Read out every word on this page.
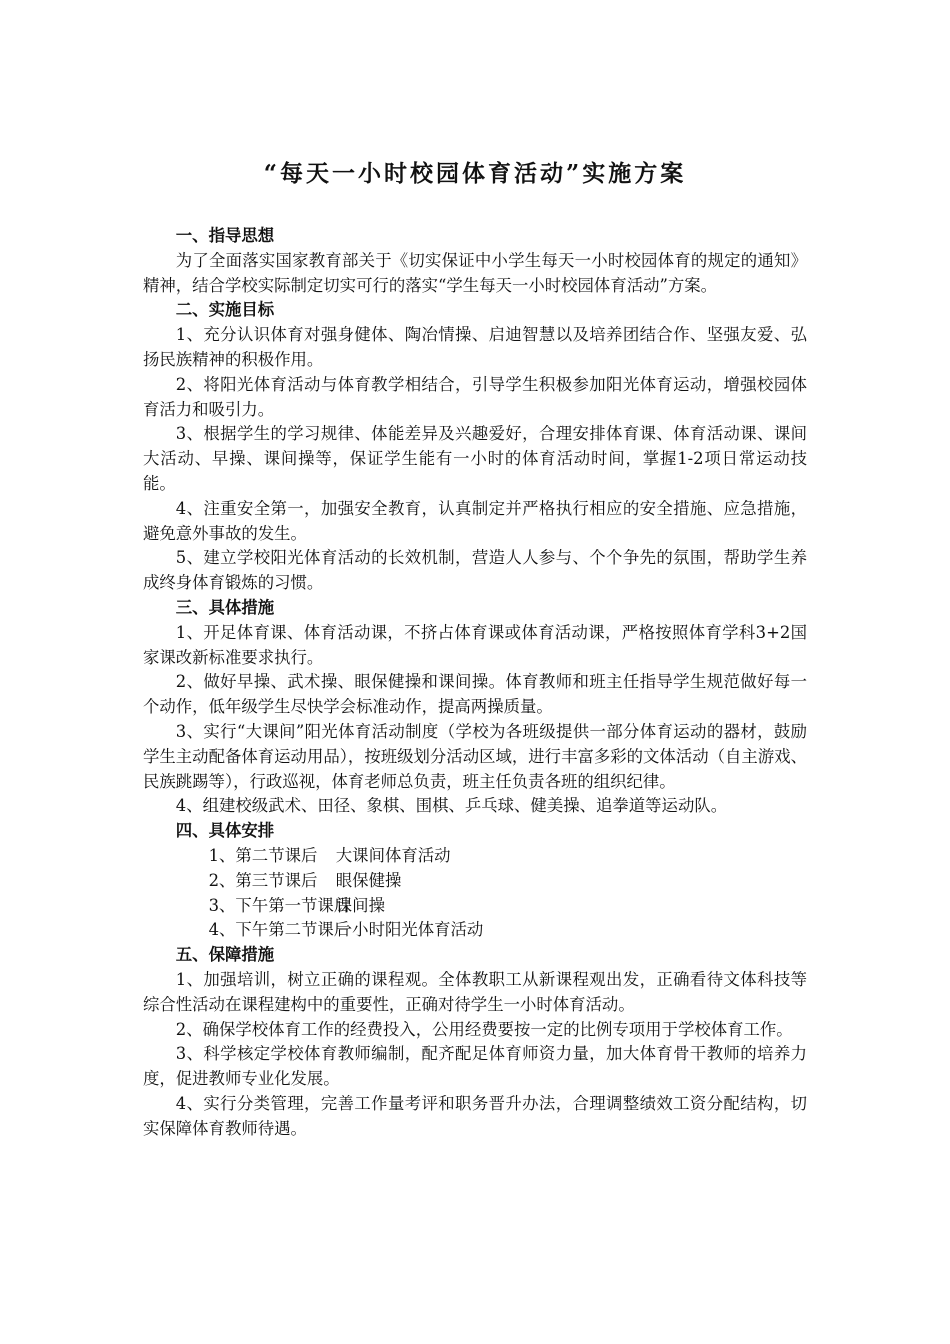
“每天一小时校园体育活动”实施方案
一、指导思想

为了全面落实国家教育部关于《切实保证中小学生每天一小时校园体育的规定的通知》精神，结合学校实际制定切实可行的落实“学生每天一小时校园体育活动”方案。

二、实施目标

1、充分认识体育对强身健体、陶冶情操、启迪智慧以及培养团结合作、坚强友爱、弘扬民族精神的积极作用。

2、将阳光体育活动与体育教学相结合，引导学生积极参加阳光体育运动，增强校园体育活力和吸引力。

3、根据学生的学习规律、体能差异及兴趣爱好，合理安排体育课、体育活动课、课间大活动、早操、课间操等，保证学生能有一小时的体育活动时间，掌握1-2项日常运动技能。

4、注重安全第一，加强安全教育，认真制定并严格执行相应的安全措施、应急措施，避免意外事故的发生。

5、建立学校阳光体育活动的长效机制，营造人人参与、个个争先的氛围，帮助学生养成终身体育锻炼的习惯。

三、具体措施

1、开足体育课、体育活动课，不挤占体育课或体育活动课，严格按照体育学科3+2国家课改新标准要求执行。

2、做好早操、武术操、眼保健操和课间操。体育教师和班主任指导学生规范做好每一个动作，低年级学生尽快学会标准动作，提高两操质量。

3、实行“大课间”阳光体育活动制度（学校为各班级提供一部分体育运动的器材，鼓励学生主动配备体育运动用品），按班级划分活动区域，进行丰富多彩的文体活动（自主游戏、民族跳踢等），行政巡视，体育老师总负责，班主任负责各班的组织纪律。

4、组建校级武术、田径、象棋、围棋、乒乓球、健美操、追拳道等运动队。

四、具体安排

1、第二节课后 大课间体育活动

2、第三节课后 眼保健操

3、下午第一节课后课间操

4、下午第二节课后一小时阳光体育活动

五、保障措施

1、加强培训，树立正确的课程观。全体教职工从新课程观出发，正确看待文体科技等综合性活动在课程建构中的重要性，正确对待学生一小时体育活动。

2、确保学校体育工作的经费投入，公用经费要按一定的比例专项用于学校体育工作。

3、科学核定学校体育教师编制，配齐配足体育师资力量，加大体育骨干教师的培养力度，促进教师专业化发展。

4、实行分类管理，完善工作量考评和职务晋升办法，合理调整绩效工资分配结构，切实保障体育教师待遇。
